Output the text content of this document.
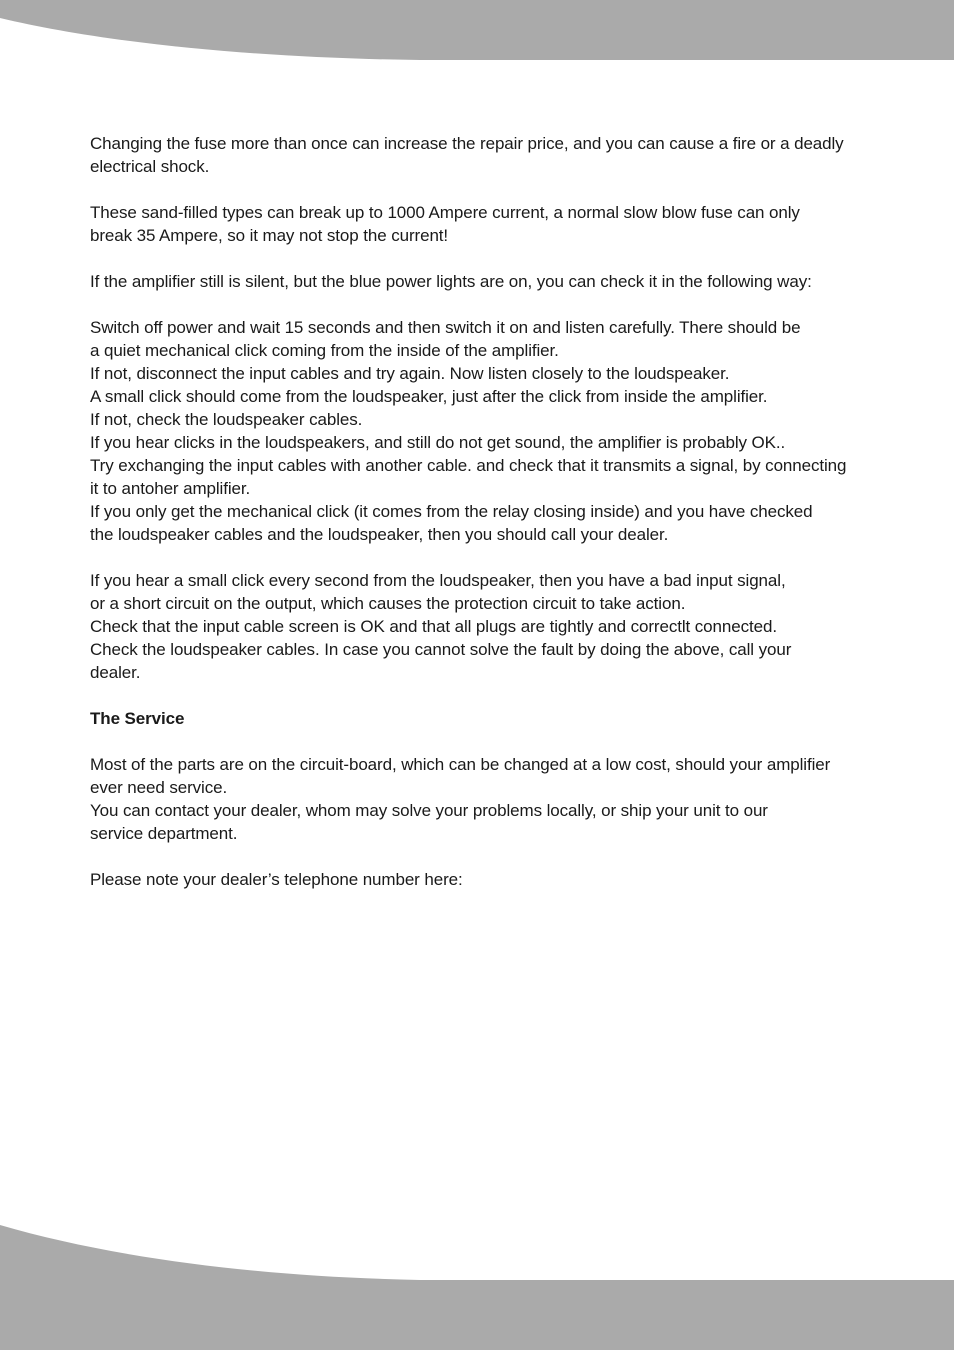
Changing the fuse more than once can increase the repair price, and you can cause a fire or a deadly
electrical shock.

These sand-filled types can break up to 1000 Ampere current, a normal slow blow fuse can only
break 35 Ampere, so it may not stop the current!

If the amplifier still is silent, but the blue power lights are on, you can check it in the following way:

Switch off power and wait 15 seconds and then switch it on and listen carefully. There should be
a quiet mechanical click coming from the inside of the amplifier.
If not, disconnect the input cables and try again. Now listen closely to the loudspeaker.
A small click should come from the loudspeaker, just after the click from inside the amplifier.
If not, check the loudspeaker cables.
If you hear clicks in the loudspeakers, and still do not get sound, the amplifier is probably OK..
Try exchanging the input cables with another cable. and check that it transmits a signal, by connecting
it to antoher amplifier.
If you only get the mechanical click (it comes from the relay closing inside) and you have checked
the loudspeaker cables and the loudspeaker, then you should call your dealer.

If you hear a small click every second from the loudspeaker, then you have a bad input signal,
or a short circuit on the output, which causes the protection circuit to take action.
Check that the input cable screen is OK and that all plugs are tightly and correctlt connected.
Check the loudspeaker cables. In case you cannot solve the fault by doing the above, call your
dealer.

The Service

Most of the parts are on the circuit-board, which can be changed at a low cost, should your amplifier
ever need service.
You can contact your dealer, whom may solve your problems locally, or ship your unit to our
service department.

Please note your dealer’s telephone number here:
